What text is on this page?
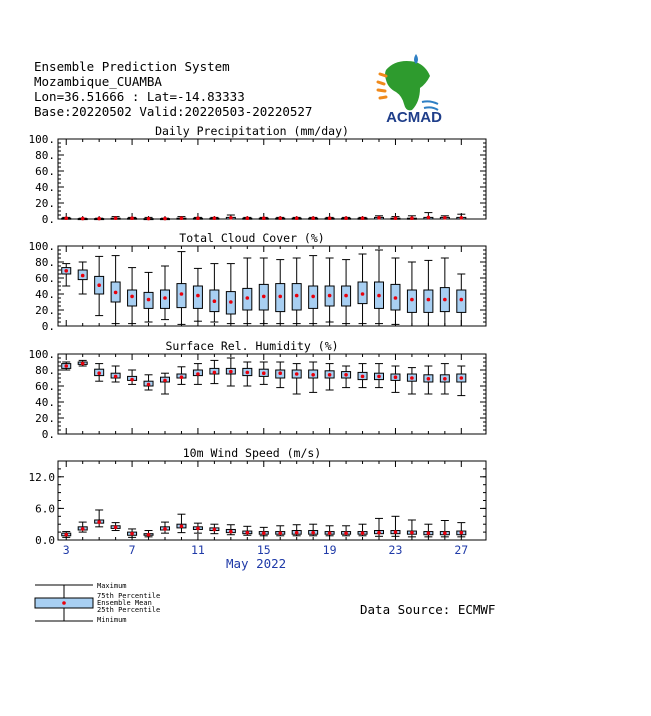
Ensemble Prediction System
Mozambique_CUAMBA
Lon=36.51666 : Lat=-14.83333
Base:20220502 Valid:20220503-20220527	ACMAD
Daily Precipitation (mm/day)
0.
20.
40.
60.
80.
100.
Total Cloud Cover (%)
0.
20.
40.
60.
80.
100.
Surface Rel. Humidity (%)
0.
20.
40.
60.
80.
100.
10m Wind Speed (m/s)
0.0
6.0
12.0
3	7	11	15	19	23	27
May 2022
Maximum
75th Percentile
Ensemble Mean
25th Percentile
Minimum
Data Source: ECMWF
